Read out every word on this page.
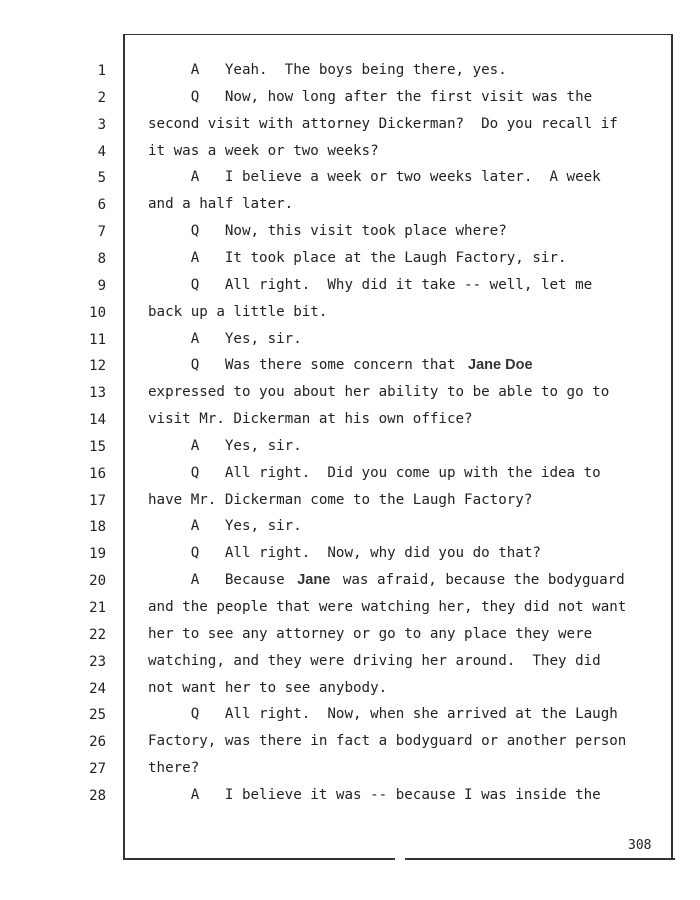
1	A   Yeah.  The boys being there, yes.
2	Q   Now, how long after the first visit was the
3	second visit with attorney Dickerman?  Do you recall if
4	it was a week or two weeks?
5	A   I believe a week or two weeks later.  A week
6	and a half later.
7	Q   Now, this visit took place where?
8	A   It took place at the Laugh Factory, sir.
9	Q   All right.  Why did it take -- well, let me
10	back up a little bit.
11	A   Yes, sir.
12	Q   Was there some concern that Jane Doe
13	expressed to you about her ability to be able to go to
14	visit Mr. Dickerman at his own office?
15	A   Yes, sir.
16	Q   All right.  Did you come up with the idea to
17	have Mr. Dickerman come to the Laugh Factory?
18	A   Yes, sir.
19	Q   All right.  Now, why did you do that?
20	A   Because Jane was afraid, because the bodyguard
21	and the people that were watching her, they did not want
22	her to see any attorney or go to any place they were
23	watching, and they were driving her around.  They did
24	not want her to see anybody.
25	Q   All right.  Now, when she arrived at the Laugh
26	Factory, was there in fact a bodyguard or another person
27	there?
28	A   I believe it was -- because I was inside the
308
